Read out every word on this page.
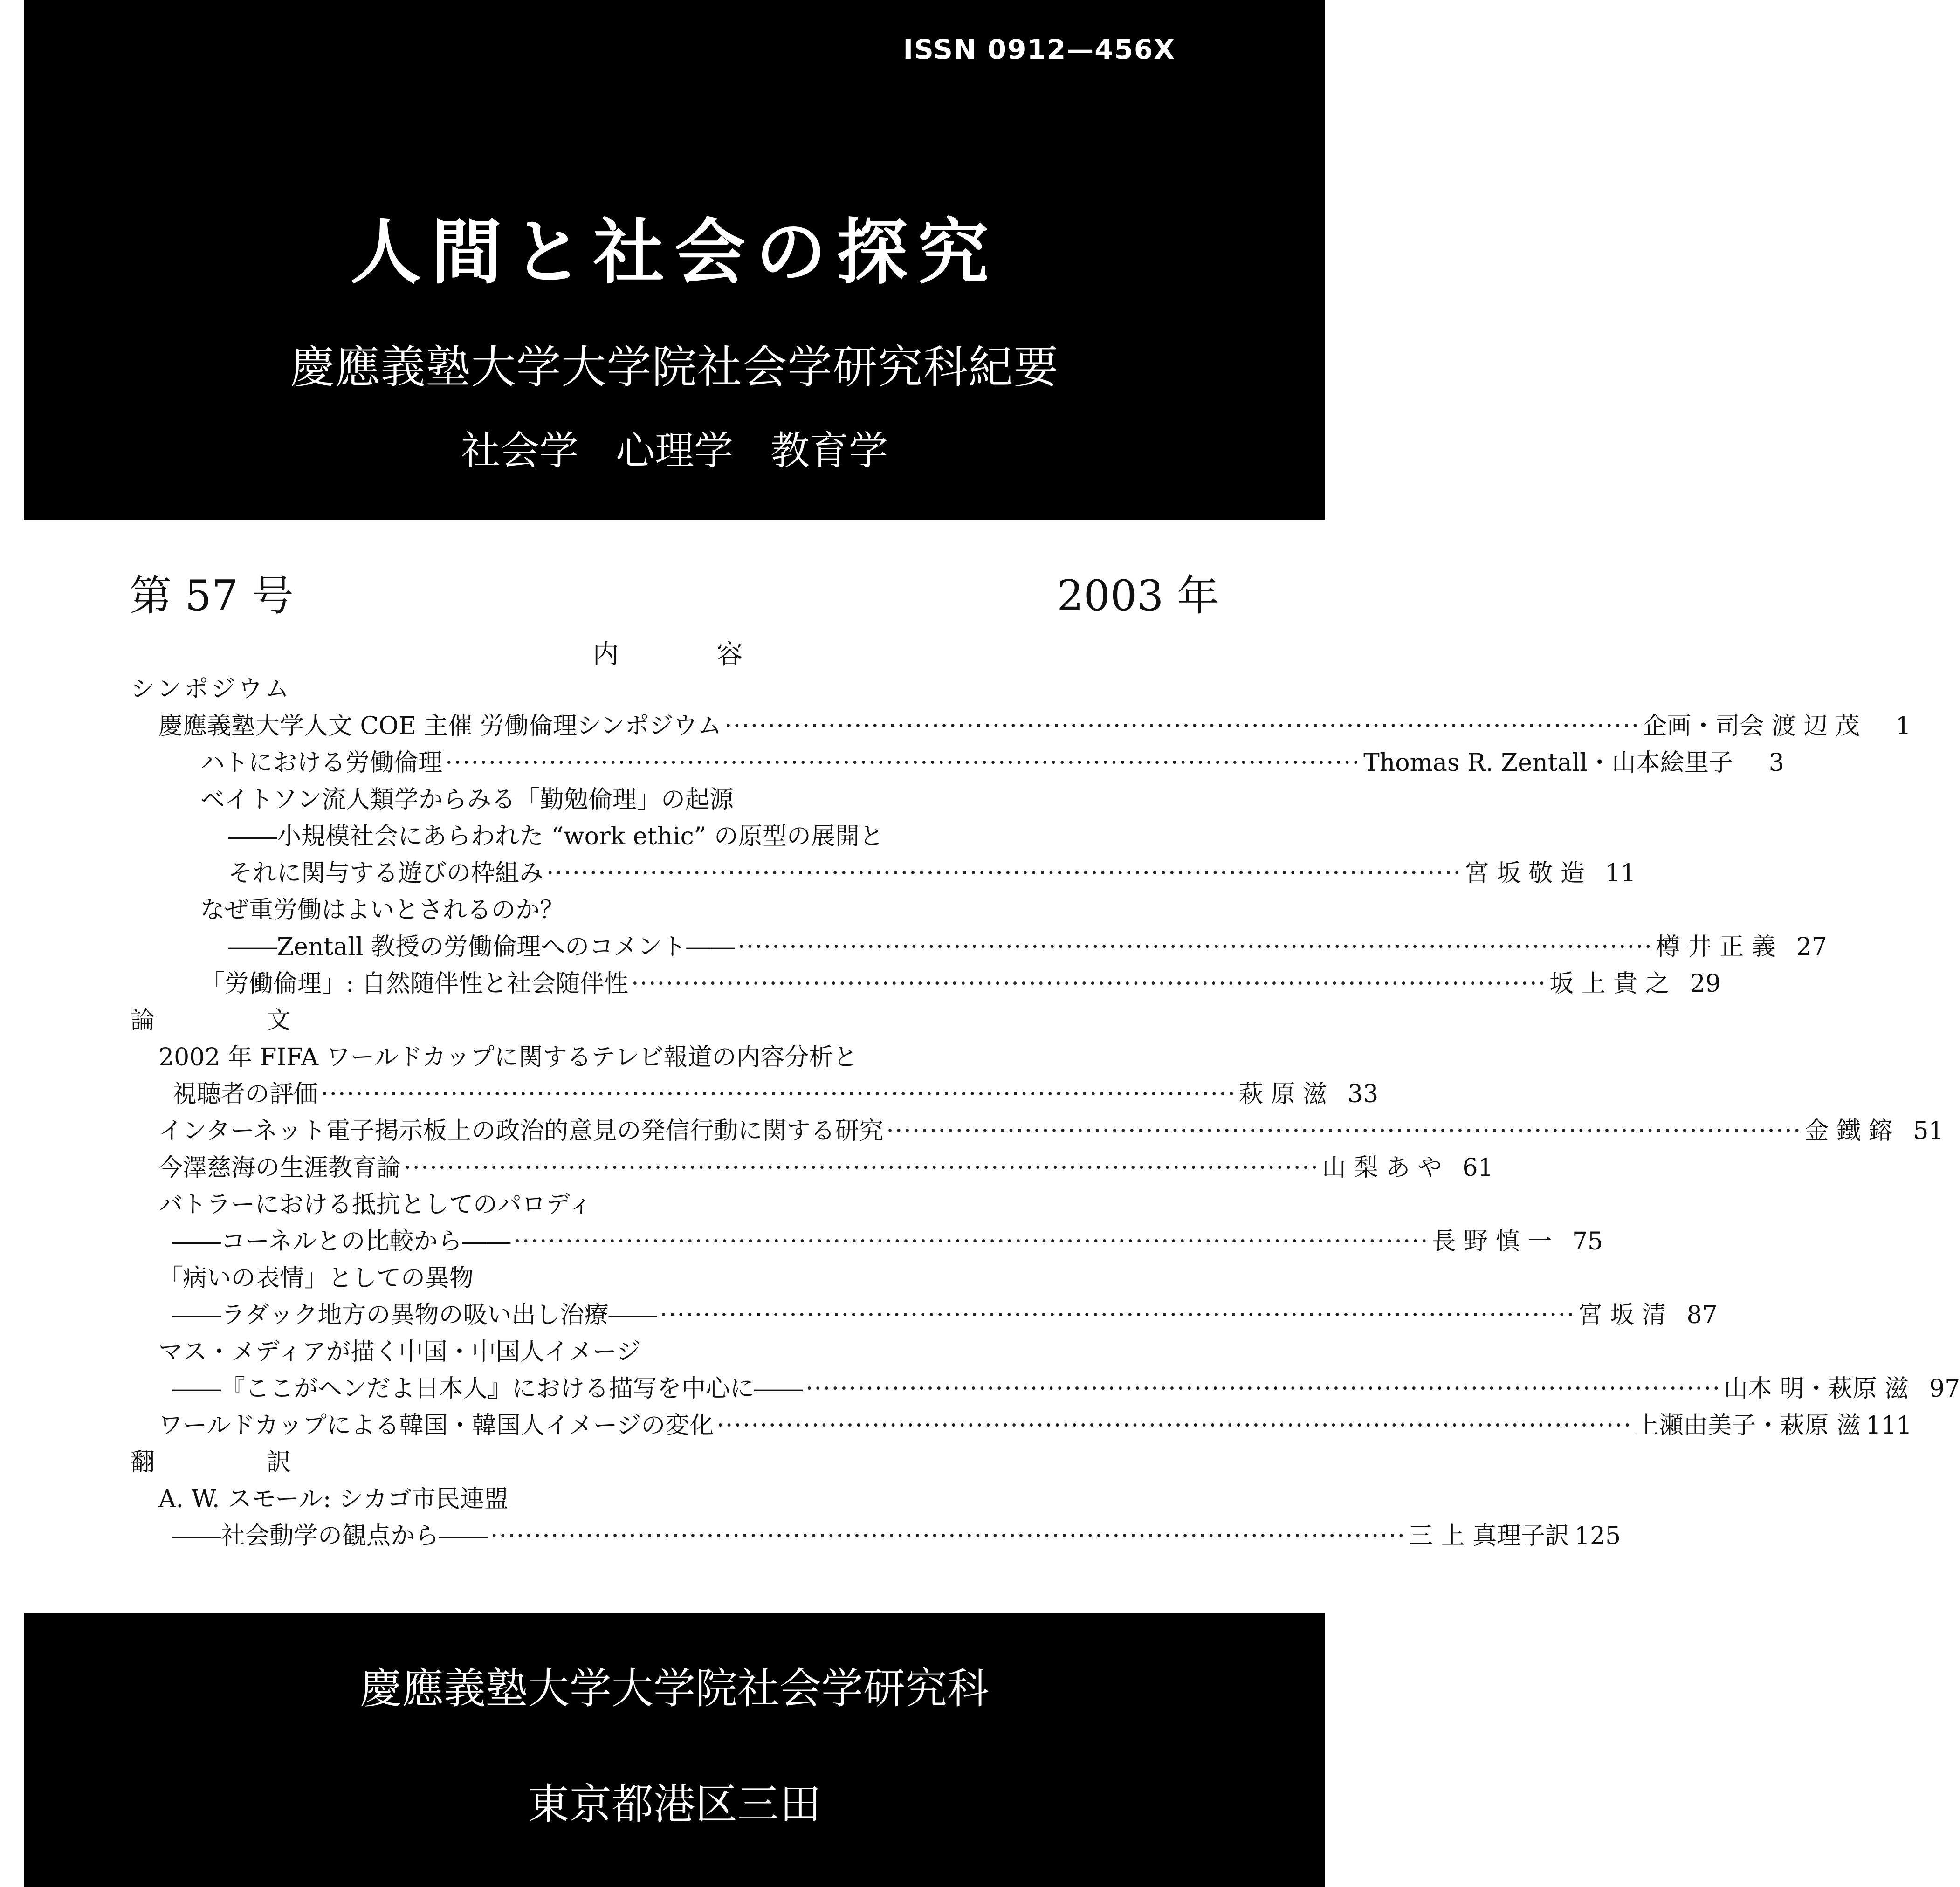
ISSN 0912—456X
人間と社会の探究
慶應義塾大学大学院社会学研究科紀要
社会学 心理学 教育学
第 57 号	2003 年
内容
シンポジウム
慶應義塾大学人文 COE 主催 労働倫理シンポジウム ·········································································································· 企画・司会 渡 辺 茂	1
ハトにおける労働倫理 ·········································································································· Thomas R. Zentall・山本絵里子	3
ベイトソン流人類学からみる「勤勉倫理」の起源
――小規模社会にあらわれた “work ethic” の原型の展開と
それに関与する遊びの枠組み ·········································································································· 宮 坂 敬 造 11
なぜ重労働はよいとされるのか？
――Zentall 教授の労働倫理へのコメント―― ·········································································································· 樽 井 正 義 27
「労働倫理」: 自然随伴性と社会随伴性 ·········································································································· 坂 上 貴 之 29
論	文
2002 年 FIFA ワールドカップに関するテレビ報道の内容分析と
視聴者の評価 ·········································································································· 萩 原 滋 33
インターネット電子掲示板上の政治的意見の発信行動に関する研究 ·········································································································· 金 鐵 鎔 51
今澤慈海の生涯教育論 ·········································································································· 山 梨 あ や 61
バトラーにおける抵抗としてのパロディ
――コーネルとの比較から―― ·········································································································· 長 野 慎 一 75
「病いの表情」としての異物
――ラダック地方の異物の吸い出し治療―― ·········································································································· 宮 坂 清 87
マス・メディアが描く中国・中国人イメージ
――『ここがヘンだよ日本人』における描写を中心に―― ·········································································································· 山本 明・萩原 滋 97
ワールドカップによる韓国・韓国人イメージの変化 ·········································································································· 上瀬由美子・萩原 滋 111
翻	訳
A. W. スモール: シカゴ市民連盟
――社会動学の観点から―― ·········································································································· 三 上 真理子訳 125
慶應義塾大学大学院社会学研究科
東京都港区三田
